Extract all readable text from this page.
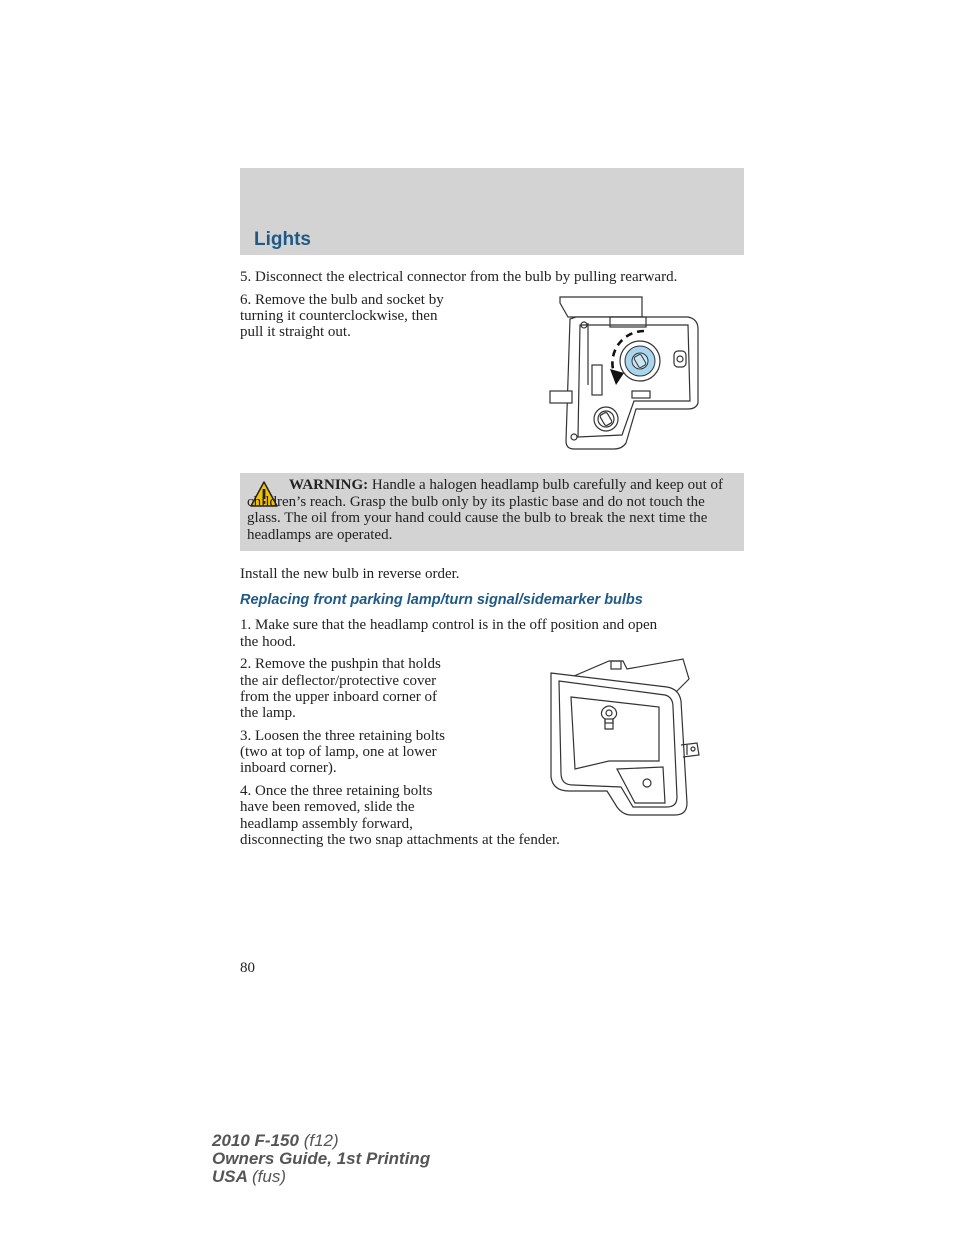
Lights

5. Disconnect the electrical connector from the bulb by pulling rearward.

6. Remove the bulb and socket by

turning it counterclockwise, then

pull it straight out.

WARNING: Handle a halogen headlamp bulb carefully and keep out of children’s reach. Grasp the bulb only by its plastic base and do not touch the glass. The oil from your hand could cause the bulb to break the next time the headlamps are operated.

Install the new bulb in reverse order.

Replacing front parking lamp/turn signal/sidemarker bulbs

1. Make sure that the headlamp control is in the off position and open

the hood.

2. Remove the pushpin that holds

the air deflector/protective cover

from the upper inboard corner of

the lamp.

3. Loosen the three retaining bolts

(two at top of lamp, one at lower

inboard corner).

4. Once the three retaining bolts

have been removed, slide the

headlamp assembly forward,

disconnecting the two snap attachments at the fender.

80

2010 F-150 (f12)
Owners Guide, 1st Printing
USA (fus)
